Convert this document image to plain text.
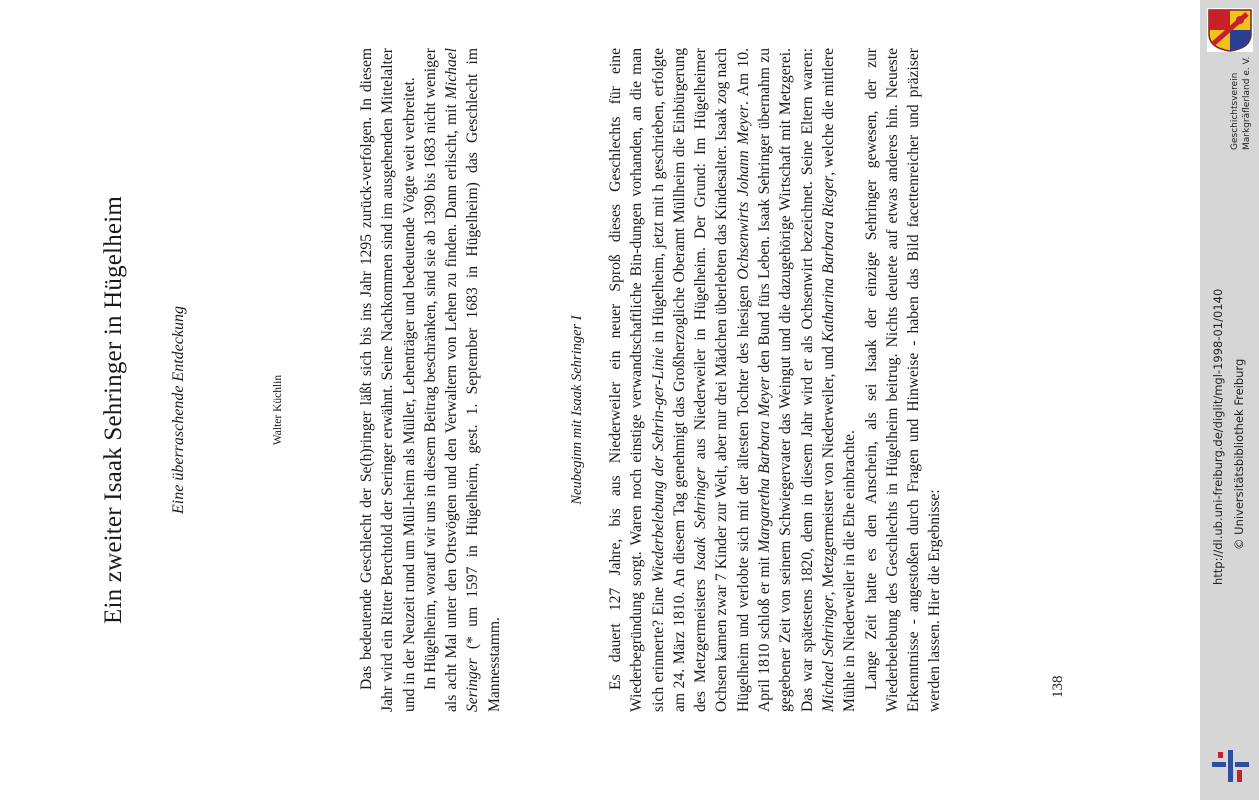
Ein zweiter Isaak Sehringer in Hügelheim	Eine überraschende Entdeckung	Walter Küchlin	Das bedeutende Geschlecht der Se(h)ringer läßt sich bis ins Jahr 1295 zurück-verfolgen. In diesem Jahr wird ein Ritter Berchtold der Seringer erwähnt. Seine Nachkommen sind im ausgehenden Mittelalter und in der Neuzeit rund um Müll-heim als Müller, Lehenträger und bedeutende Vögte weit verbreitet. In Hügelheim, worauf wir uns in diesem Beitrag beschränken, sind sie ab 1390 bis 1683 nicht weniger als acht Mal unter den Ortsvögten und den Verwaltern von Lehen zu finden. Dann erlischt, mit Michael Seringer (* um 1597 in Hügelheim, gest. 1. September 1683 in Hügelheim) das Geschlecht im Mannesstamm.

Neubeginn mit Isaak Sehringer I Es dauert 127 Jahre, bis aus Niederweiler ein neuer Sproß dieses Geschlechts für eine Wiederbegründung sorgt. Waren noch einstige verwandtschaftliche Bin-dungen vorhanden, an die man sich erinnerte? Eine Wiederbelebung der Sehrin-ger-Linie in Hügelheim, jetzt mit h geschrieben, erfolgte am 24. März 1810. An diesem Tag genehmigt das Großherzogliche Oberamt Müllheim die Einbürgerung des Metzgermeisters Isaak Sehringer aus Niederweiler in Hügelheim. Der Grund: Im Hügelheimer Ochsen kamen zwar 7 Kinder zur Welt, aber nur drei Mädchen überlebten das Kindesalter. Isaak zog nach Hügelheim und verlobte sich mit der ältesten Tochter des hiesigen Ochsenwirts Johann Meyer. Am 10. April 1810 schloß er mit Margaretha Barbara Meyer den Bund fürs Leben. Isaak Sehringer übernahm zu gegebener Zeit von seinem Schwiegervater das Weingut und die dazugehörige Wirtschaft mit Metzgerei. Das war spätestens 1820, denn in diesem Jahr wird er als Ochsenwirt bezeichnet. Seine Eltern waren: Michael Sehringer, Metzgermeister von Niederweiler, und Katharina Barbara Rieger, welche die mittlere Mühle in Niederweiler in die Ehe einbrachte. Lange Zeit hatte es den Anschein, als sei Isaak der einzige Sehringer gewesen, der zur Wiederbelebung des Geschlechts in Hügelheim beitrug. Nichts deutete auf etwas anderes hin. Neueste Erkenntnisse - angestoßen durch Fragen und Hinweise - haben das Bild facettenreicher und präziser werden lassen. Hier die Ergebnisse:	138
http://dl.ub.uni-freiburg.de/diglit/mgl-1998-01/0140 © Universitätsbibliothek Freiburg
Geschichtsverein Markgräflerland e. V.
